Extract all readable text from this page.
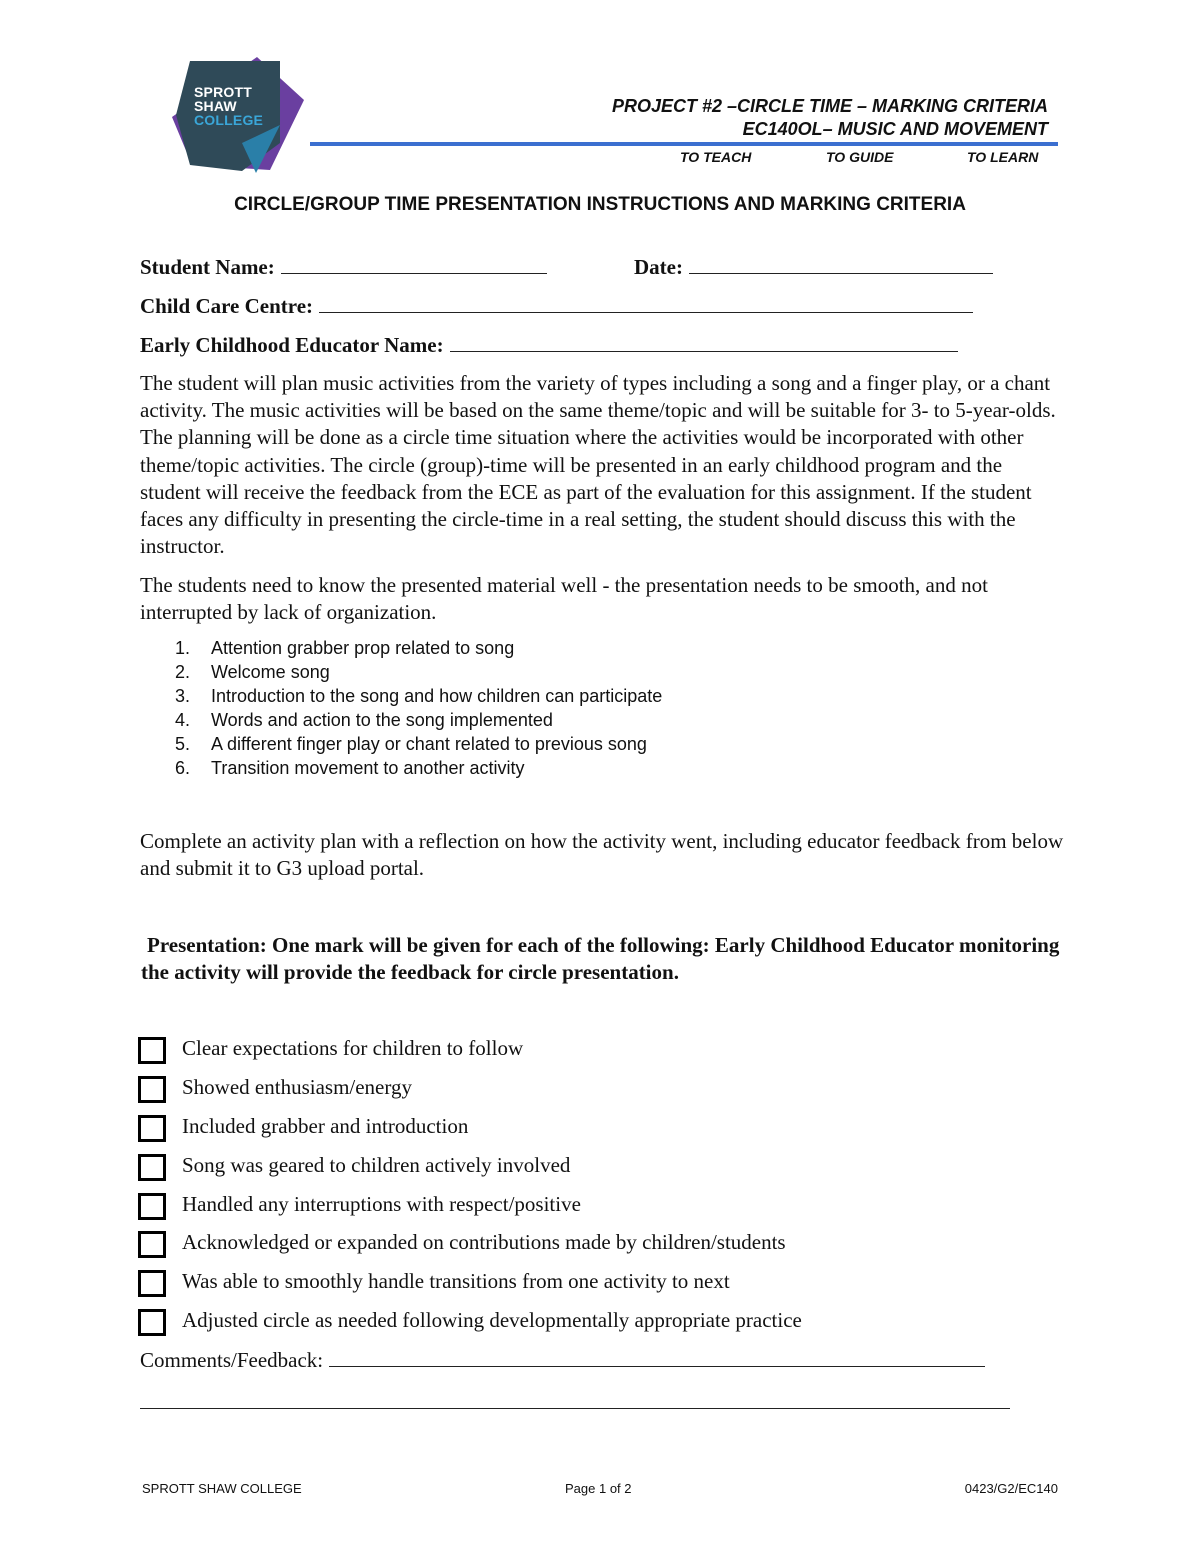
SPROTT
SHAW
COLLEGE
PROJECT #2 –CIRCLE TIME – MARKING CRITERIA
EC140OL– MUSIC AND MOVEMENT
TO TEACH	TO GUIDE	TO LEARN
CIRCLE/GROUP TIME PRESENTATION INSTRUCTIONS AND MARKING CRITERIA
Student Name:	Date:
Child Care Centre:
Early Childhood Educator Name:
The student will plan music activities from the variety of types including a song and a finger play, or a chant activity. The music activities will be based on the same theme/topic and will be suitable for 3- to 5-year-olds. The planning will be done as a circle time situation where the activities would be incorporated with other theme/topic activities. The circle (group)-time will be presented in an early childhood program and the student will receive the feedback from the ECE as part of the evaluation for this assignment. If the student faces any difficulty in presenting the circle-time in a real setting, the student should discuss this with the instructor.
The students need to know the presented material well - the presentation needs to be smooth, and not interrupted by lack of organization.
1. Attention grabber prop related to song
2. Welcome song
3. Introduction to the song and how children can participate
4. Words and action to the song implemented
5. A different finger play or chant related to previous song
6. Transition movement to another activity
Complete an activity plan with a reflection on how the activity went, including educator feedback from below and submit it to G3 upload portal.
Presentation: One mark will be given for each of the following: Early Childhood Educator monitoring the activity will provide the feedback for circle presentation.
Clear expectations for children to follow
Showed enthusiasm/energy
Included grabber and introduction
Song was geared to children actively involved
Handled any interruptions with respect/positive
Acknowledged or expanded on contributions made by children/students
Was able to smoothly handle transitions from one activity to next
Adjusted circle as needed following developmentally appropriate practice
Comments/Feedback:
SPROTT SHAW COLLEGE	Page 1 of 2	0423/G2/EC140
